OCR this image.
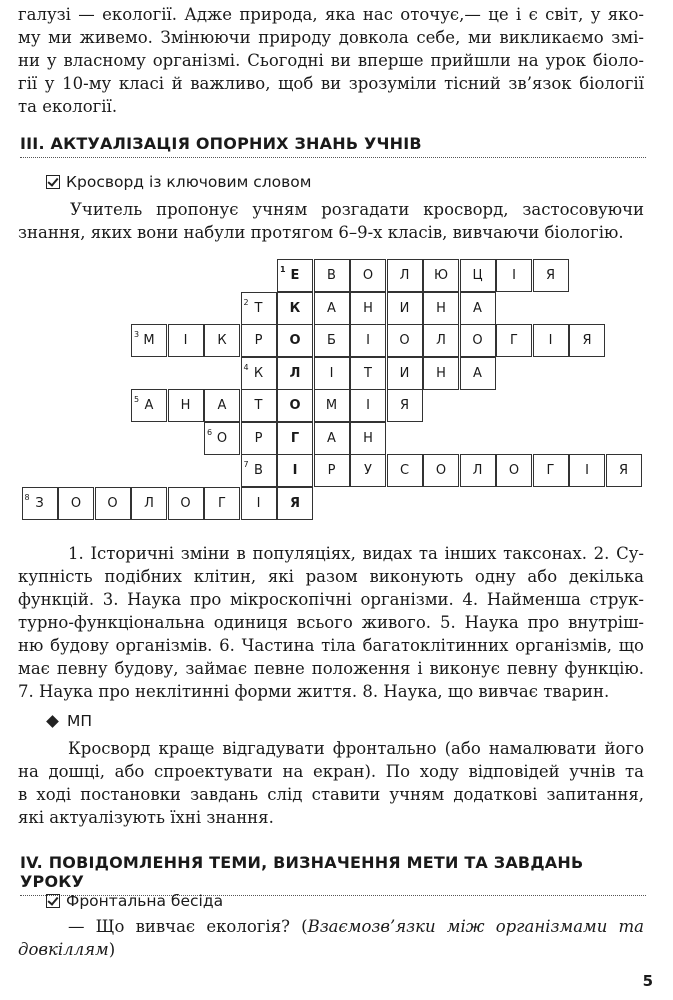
галузі — екології. Адже природа, яка нас оточує,— це і є світ, у яко-
му ми живемо. Змінюючи природу довкола себе, ми викликаємо змі-
ни у власному організмі. Сьогодні ви вперше прийшли на урок біоло-
гії у 10-му класі й важливо, щоб ви зрозуміли тісний зв’язок біології
та екології.
III. АКТУАЛІЗАЦІЯ ОПОРНИХ ЗНАНЬ УЧНІВ
Кросворд із ключовим словом
Учитель пропонує учням розгадати кросворд, застосовуючи
знання, яких вони набули протягом 6–9-х класів, вивчаючи біологію.
1 Е В О Л Ю Ц І Я
2 Т К А Н И Н А
3 М І К Р О Б І О Л О Г І Я
4 К Л І Т И Н А
5 А Н А Т О М І Я
6 О Р Г А Н
7 В І Р У С О Л О Г І Я
8 З О О Л О Г І Я
1. Історичні зміни в популяціях, видах та інших таксонах. 2. Су-
купність подібних клітин, які разом виконують одну або декілька
функцій. 3. Наука про мікроскопічні організми. 4. Найменша струк-
турно-функціональна одиниця всього живого. 5. Наука про внутріш-
ню будову організмів. 6. Частина тіла багатоклітинних організмів, що
має певну будову, займає певне положення і виконує певну функцію.
7. Наука про неклітинні форми життя. 8. Наука, що вивчає тварин.
МП
Кросворд краще відгадувати фронтально (або намалювати його
на дошці, або спроектувати на екран). По ходу відповідей учнів та
в ході постановки завдань слід ставити учням додаткові запитання,
які актуалізують їхні знання.
IV. ПОВІДОМЛЕННЯ ТЕМИ, ВИЗНАЧЕННЯ МЕТИ ТА ЗАВДАНЬ УРОКУ
Фронтальна бесіда
— Що вивчає екологія? (Взаємозв’язки між організмами та
довкіллям)
5
